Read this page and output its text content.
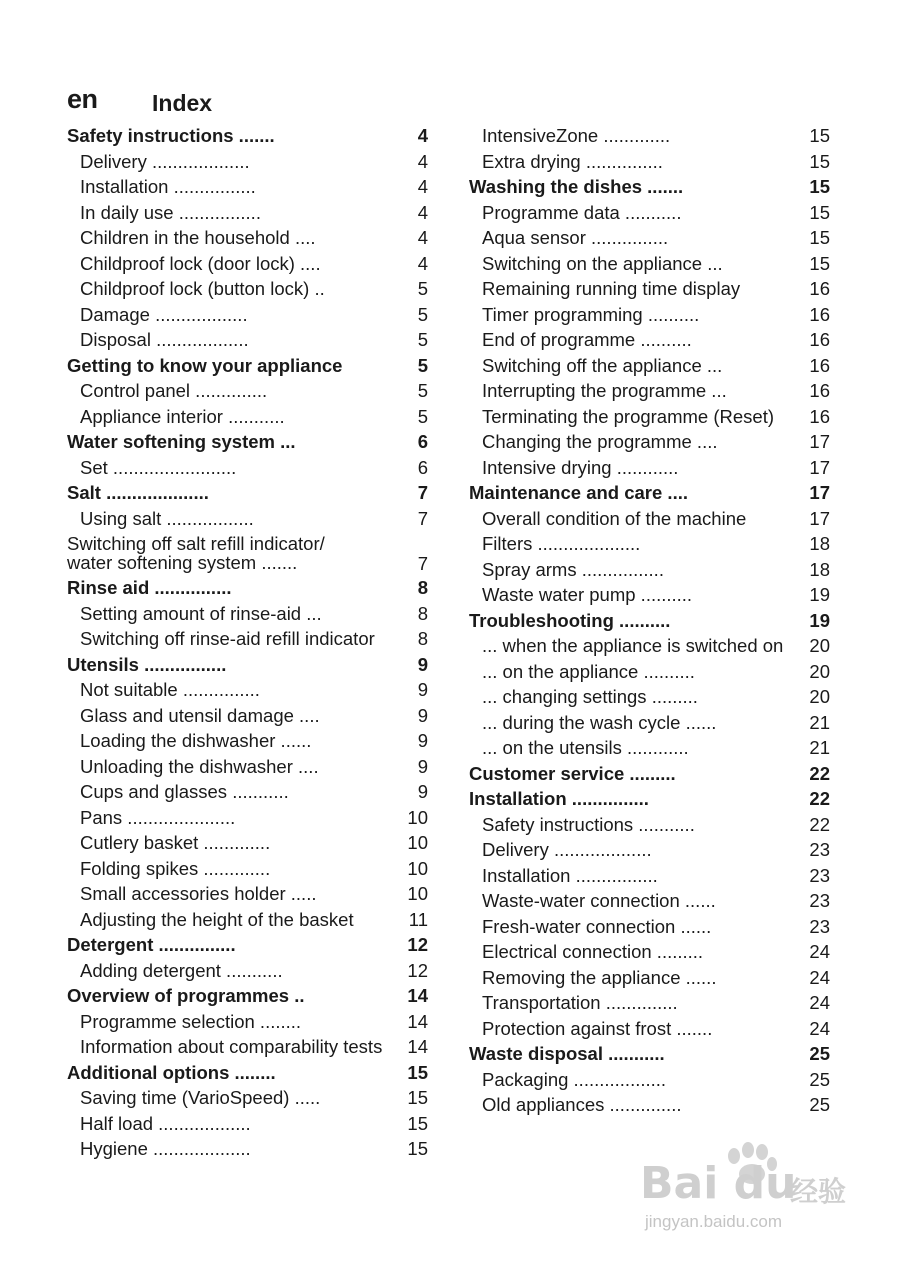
en Index
Safety instructions .......	4
Delivery ...................	4
Installation ................	4
In daily use ................	4
Children in the household ....	4
Childproof lock (door lock) ....	4
Childproof lock (button lock) ..	5
Damage ..................	5
Disposal ..................	5
Getting to know your appliance	5
Control panel ..............	5
Appliance interior ...........	5
Water softening system ...	6
Set ........................	6
Salt ....................	7
Using salt .................	7
Switching off salt refill indicator/ water softening system .......	7
Rinse aid ...............	8
Setting amount of rinse-aid ...	8
Switching off rinse-aid refill indicator 8
Utensils ................	9
Not suitable ...............	9
Glass and utensil damage ....	9
Loading the dishwasher ......	9
Unloading the dishwasher ....	9
Cups and glasses ...........	9
Pans .....................	10
Cutlery basket .............	10
Folding spikes .............	10
Small accessories holder .....	10
Adjusting the height of the basket	11
Detergent ...............	12
Adding detergent ...........	12
Overview of programmes ..	14
Programme selection ........	14
Information about comparability tests 14
Additional options ........	15
Saving time (VarioSpeed) .....	15
Half load ..................	15
Hygiene ...................	15
IntensiveZone .............	15
Extra drying ...............	15
Washing the dishes .......	15
Programme data ...........	15
Aqua sensor ...............	15
Switching on the appliance ...	15
Remaining running time display	16
Timer programming ..........	16
End of programme ..........	16
Switching off the appliance ...	16
Interrupting the programme ...	16
Terminating the programme (Reset) 16
Changing the programme ....	17
Intensive drying ............	17
Maintenance and care ....	17
Overall condition of the machine	17
Filters ....................	18
Spray arms ................	18
Waste water pump ..........	19
Troubleshooting ..........	19
... when the appliance is switched on 20
... on the appliance ..........	20
... changing settings .........	20
... during the wash cycle ......	21
... on the utensils ............	21
Customer service .........	22
Installation ...............	22
Safety instructions ...........	22
Delivery ...................	23
Installation ................	23
Waste-water connection ......	23
Fresh-water connection ......	23
Electrical connection .........	24
Removing the appliance ......	24
Transportation ..............	24
Protection against frost .......	24
Waste disposal ...........	25
Packaging ..................	25
Old appliances ..............	25
Bai du
经验
jingyan.baidu.com
